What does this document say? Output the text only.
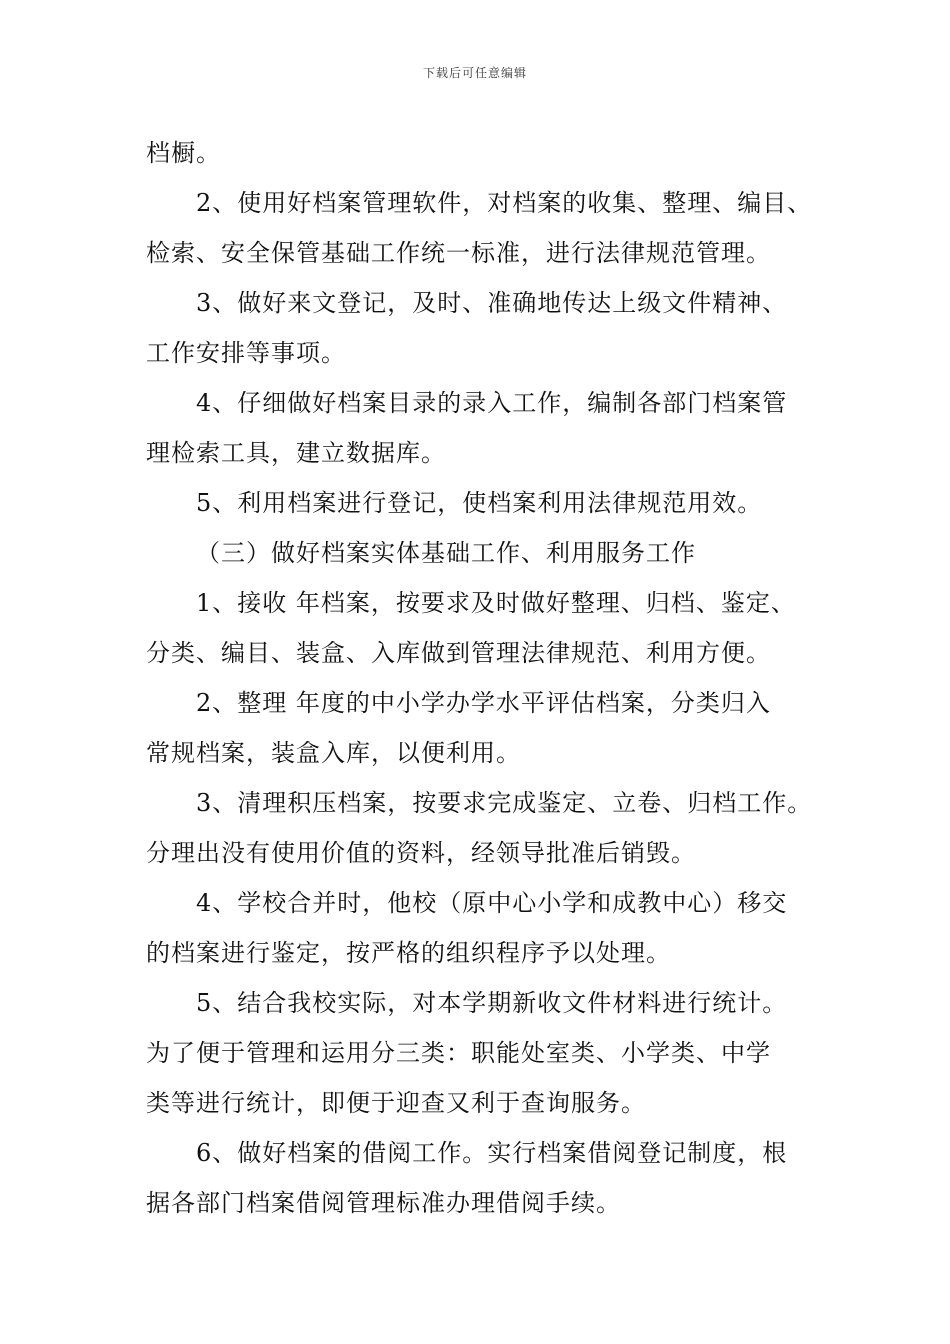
下载后可任意编辑
档橱。
2、使用好档案管理软件，对档案的收集、整理、编目、
检索、安全保管基础工作统一标准，进行法律规范管理。
3、做好来文登记，及时、准确地传达上级文件精神、
工作安排等事项。
4、仔细做好档案目录的录入工作，编制各部门档案管
理检索工具，建立数据库。
5、利用档案进行登记，使档案利用法律规范用效。
（三）做好档案实体基础工作、利用服务工作
1、接收 年档案，按要求及时做好整理、归档、鉴定、
分类、编目、装盒、入库做到管理法律规范、利用方便。
2、整理 年度的中小学办学水平评估档案，分类归入
常规档案，装盒入库，以便利用。
3、清理积压档案，按要求完成鉴定、立卷、归档工作。
分理出没有使用价值的资料，经领导批准后销毁。
4、学校合并时，他校（原中心小学和成教中心）移交
的档案进行鉴定，按严格的组织程序予以处理。
5、结合我校实际，对本学期新收文件材料进行统计。
为了便于管理和运用分三类：职能处室类、小学类、中学
类等进行统计，即便于迎查又利于查询服务。
6、做好档案的借阅工作。实行档案借阅登记制度，根
据各部门档案借阅管理标准办理借阅手续。
